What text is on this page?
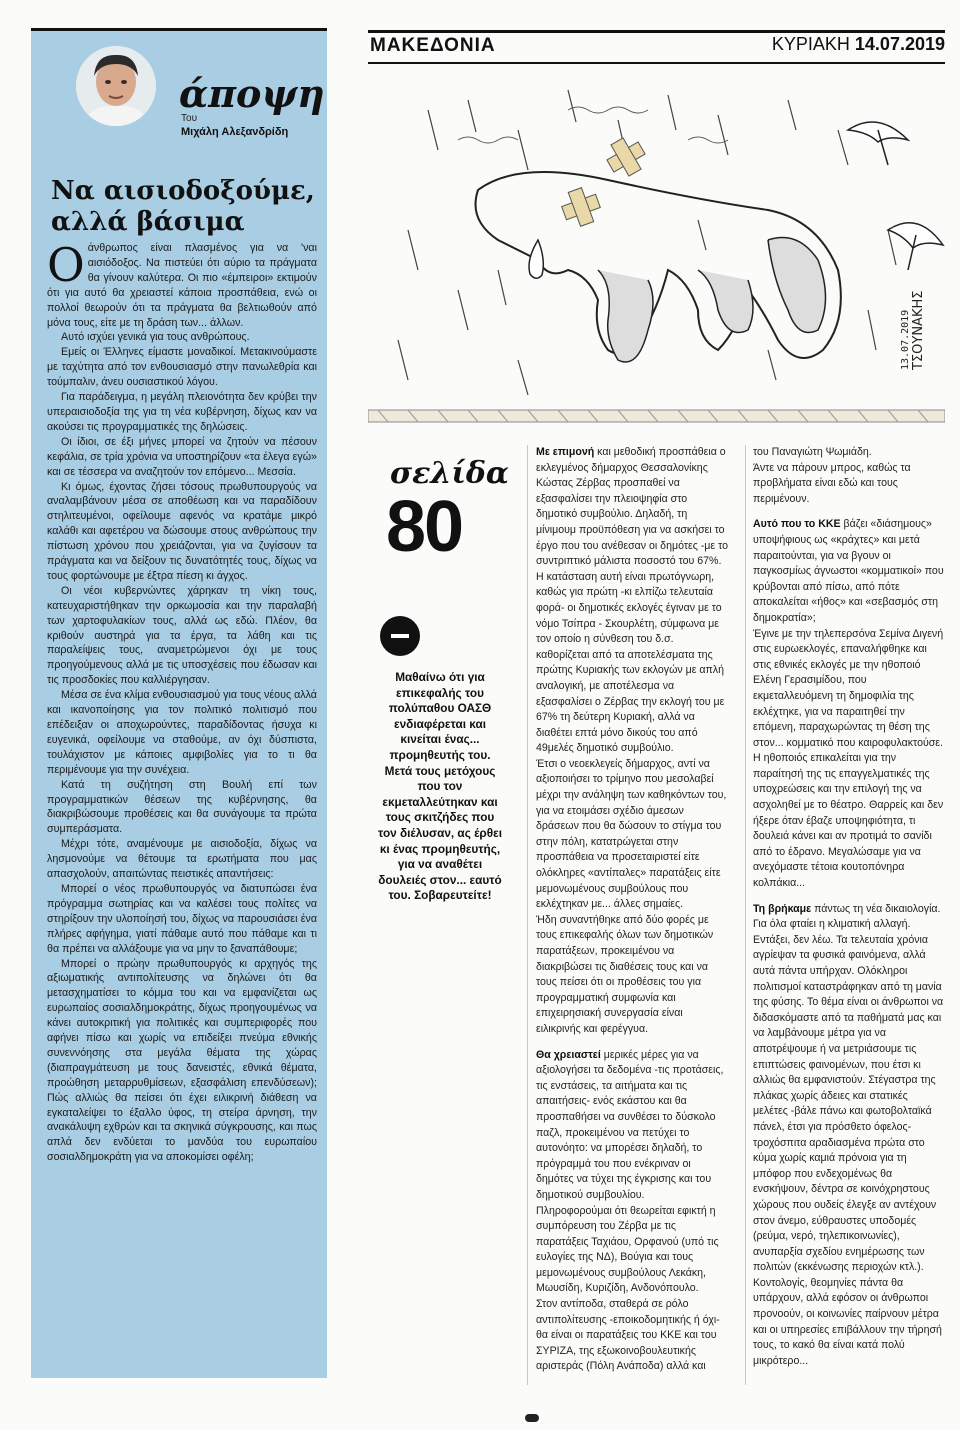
άποψη
Του
Μιχάλη Αλεξανδρίδη
Να αισιοδοξούμε,
αλλά βάσιμα

Οάνθρωπος είναι πλασμένος για να 'ναι αισιόδοξος. Να πιστεύει ότι αύριο τα πράγματα θα γίνουν καλύτερα. Οι πιο «έμπειροι» εκτιμούν ότι για αυτό θα χρειαστεί κάποια προσπάθεια, ενώ οι πολλοί θεωρούν ότι τα πράγματα θα βελτιωθούν από μόνα τους, είτε με τη δράση των... άλλων.

Αυτό ισχύει γενικά για τους ανθρώπους.

Εμείς οι Έλληνες είμαστε μοναδικοί. Μετακινούμαστε με ταχύτητα από τον ενθουσιασμό στην πανωλεθρία και τούμπαλιν, άνευ ουσιαστικού λόγου.

Για παράδειγμα, η μεγάλη πλειονότητα δεν κρύβει την υπεραισιοδοξία της για τη νέα κυβέρνηση, δίχως καν να ακούσει τις προγραμματικές της δηλώσεις.

Οι ίδιοι, σε έξι μήνες μπορεί να ζητούν να πέσουν κεφάλια, σε τρία χρόνια να υποστηρίζουν «τα έλεγα εγώ» και σε τέσσερα να αναζητούν τον επόμενο... Μεσσία.

Κι όμως, έχοντας ζήσει τόσους πρωθυπουργούς να αναλαμβάνουν μέσα σε αποθέωση και να παραδίδουν στηλιτευμένοι, οφείλουμε αφενός να κρατάμε μικρό καλάθι και αφετέρου να δώσουμε στους ανθρώπους την πίστωση χρόνου που χρειάζονται, για να ζυγίσουν τα πράγματα και να δείξουν τις δυνατότητές τους, δίχως να τους φορτώνουμε με έξτρα πίεση κι άγχος.

Οι νέοι κυβερνώντες χάρηκαν τη νίκη τους, κατευχαριστήθηκαν την ορκωμοσία και την παραλαβή των χαρτοφυλακίων τους, αλλά ως εδώ. Πλέον, θα κριθούν αυστηρά για τα έργα, τα λάθη και τις παραλείψεις τους, αναμετρώμενοι όχι με τους προηγούμενους αλλά με τις υποσχέσεις που έδωσαν και τις προσδοκίες που καλλιέργησαν.

Μέσα σε ένα κλίμα ενθουσιασμού για τους νέους αλλά και ικανοποίησης για τον πολιτικό πολιτισμό που επέδειξαν οι αποχωρούντες, παραδίδοντας ήσυχα κι ευγενικά, οφείλουμε να σταθούμε, αν όχι δύσπιστα, τουλάχιστον με κάποιες αμφιβολίες για το τι θα περιμένουμε για την συνέχεια.

Κατά τη συζήτηση στη Βουλή επί των προγραμματικών θέσεων της κυβέρνησης, θα διακριβώσουμε προθέσεις και θα συνάγουμε τα πρώτα συμπεράσματα.

Μέχρι τότε, αναμένουμε με αισιοδοξία, δίχως να λησμονούμε να θέτουμε τα ερωτήματα που μας απασχολούν, απαιτώντας πειστικές απαντήσεις:

Μπορεί ο νέος πρωθυπουργός να διατυπώσει ένα πρόγραμμα σωτηρίας και να καλέσει τους πολίτες να στηρίξουν την υλοποίησή του, δίχως να παρουσιάσει ένα πλήρες αφήγημα, γιατί πάθαμε αυτό που πάθαμε και τι θα πρέπει να αλλάξουμε για να μην το ξαναπάθουμε;

Μπορεί ο πρώην πρωθυπουργός κι αρχηγός της αξιωματικής αντιπολίτευσης να δηλώνει ότι θα μετασχηματίσει το κόμμα του και να εμφανίζεται ως ευρωπαίος σοσιαλδημοκράτης, δίχως προηγουμένως να κάνει αυτοκριτική για πολιτικές και συμπεριφορές που αφήνει πίσω και χωρίς να επιδείξει πνεύμα εθνικής συνεννόησης στα μεγάλα θέματα της χώρας (διαπραγμάτευση με τους δανειστές, εθνικά θέματα, προώθηση μεταρρυθμίσεων, εξασφάλιση επενδύσεων); Πώς αλλιώς θα πείσει ότι έχει ειλικρινή διάθεση να εγκαταλείψει το έξαλλο ύφος, τη στείρα άρνηση, την ανακάλυψη εχθρών και τα σκηνικά σύγκρουσης, και πως απλά δεν ενδύεται το μανδύα του ευρωπαίου σοσιαλδημοκράτη για να αποκομίσει οφέλη;

ΜΑΚΕΔΟΝΙΑ	ΚΥΡΙΑΚΗ 14.07.2019
13.07.2019 ΤΣΟΥΝΑΚΗΣ
σελίδα
80
Μαθαίνω ότι για επικεφαλής του πολύπαθου ΟΑΣΘ ενδιαφέρεται και κινείται ένας... προμηθευτής του. Μετά τους μετόχους που τον εκμεταλλεύτηκαν και τους σκιτζήδες που τον διέλυσαν, ας έρθει κι ένας προμηθευτής, για να αναθέτει δουλειές στον... εαυτό του. Σοβαρευτείτε!

Με επιμονή και μεθοδική προσπάθεια ο εκλεγμένος δήμαρχος Θεσσαλονίκης Κώστας Ζέρβας προσπαθεί να εξασφαλίσει την πλειοψηφία στο δημοτικό συμβούλιο. Δηλαδή, τη μίνιμουμ προϋπόθεση για να ασκήσει το έργο που του ανέθεσαν οι δημότες -με το συντριπτικό μάλιστα ποσοστό του 67%.

Η κατάσταση αυτή είναι πρωτόγνωρη, καθώς για πρώτη -κι ελπίζω τελευταία φορά- οι δημοτικές εκλογές έγιναν με το νόμο Τσίπρα - Σκουρλέτη, σύμφωνα με τον οποίο η σύνθεση του δ.σ. καθορίζεται από τα αποτελέσματα της πρώτης Κυριακής των εκλογών με απλή αναλογική, με αποτέλεσμα να εξασφαλίσει ο Ζέρβας την εκλογή του με 67% τη δεύτερη Κυριακή, αλλά να διαθέτει επτά μόνο δικούς του από 49μελές δημοτικό συμβούλιο.

Έτσι ο νεοεκλεγείς δήμαρχος, αντί να αξιοποιήσει το τρίμηνο που μεσολαβεί μέχρι την ανάληψη των καθηκόντων του, για να ετοιμάσει σχέδιο άμεσων δράσεων που θα δώσουν το στίγμα του στην πόλη, κατατρώγεται στην προσπάθεια να προσεταιριστεί είτε ολόκληρες «αντίπαλες» παρατάξεις είτε μεμονωμένους συμβούλους που εκλέχτηκαν με... άλλες σημαίες.

Ήδη συναντήθηκε από δύο φορές με τους επικεφαλής όλων των δημοτικών παρατάξεων, προκειμένου να διακριβώσει τις διαθέσεις τους και να τους πείσει ότι οι προθέσεις του για προγραμματική συμφωνία και επιχειρησιακή συνεργασία είναι ειλικρινής και φερέγγυα.

Θα χρειαστεί μερικές μέρες για να αξιολογήσει τα δεδομένα -τις προτάσεις, τις ενστάσεις, τα αιτήματα και τις απαιτήσεις- ενός εκάστου και θα προσπαθήσει να συνθέσει το δύσκολο παζλ, προκειμένου να πετύχει το αυτονόητο: να μπορέσει δηλαδή, το πρόγραμμά του που ενέκριναν οι δημότες να τύχει της έγκρισης και του δημοτικού συμβουλίου.

Πληροφορούμαι ότι θεωρείται εφικτή η συμπόρευση του Ζέρβα με τις παρατάξεις Ταχιάου, Ορφανού (υπό τις ευλογίες της ΝΔ), Βούγια και τους μεμονωμένους συμβούλους Λεκάκη, Μωυσίδη, Κυριζίδη, Ανδονόπουλο.

Στον αντίποδα, σταθερά σε ρόλο αντιπολίτευσης -εποικοδομητικής ή όχι- θα είναι οι παρατάξεις του ΚΚΕ και του ΣΥΡΙΖΑ, της εξωκοινοβουλευτικής αριστεράς (Πόλη Ανάποδα) αλλά και

του Παναγιώτη Ψωμιάδη.

Άντε να πάρουν μπρος, καθώς τα προβλήματα είναι εδώ και τους περιμένουν.

Αυτό που το ΚΚΕ βάζει «διάσημους» υποψήφιους ως «κράχτες» και μετά παραιτούνται, για να βγουν οι παγκοσμίως άγνωστοι «κομματικοί» που κρύβονται από πίσω, από πότε αποκαλείται «ήθος» και «σεβασμός στη δημοκρατία»;

Έγινε με την τηλεπερσόνα Σεμίνα Διγενή στις ευρωεκλογές, επαναλήφθηκε και στις εθνικές εκλογές με την ηθοποιό Ελένη Γερασιμίδου, που εκμεταλλευόμενη τη δημοφιλία της εκλέχτηκε, για να παραιτηθεί την επόμενη, παραχωρώντας τη θέση της στον... κομματικό που καιροφυλακτούσε.

Η ηθοποιός επικαλείται για την παραίτησή της τις επαγγελματικές της υποχρεώσεις και την επιλογή της να ασχοληθεί με το θέατρο. Θαρρείς και δεν ήξερε όταν έβαζε υποψηφιότητα, τι δουλειά κάνει και αν προτιμά το σανίδι από το έδρανο. Μεγαλώσαμε για να ανεχόμαστε τέτοια κουτοπόνηρα κολπάκια...

Τη βρήκαμε πάντως τη νέα δικαιολογία. Για όλα φταίει η κλιματική αλλαγή. Εντάξει, δεν λέω. Τα τελευταία χρόνια αγρίεψαν τα φυσικά φαινόμενα, αλλά αυτά πάντα υπήρχαν. Ολόκληροι πολιτισμοί καταστράφηκαν από τη μανία της φύσης. Το θέμα είναι οι άνθρωποι να διδασκόμαστε από τα παθήματά μας και να λαμβάνουμε μέτρα για να αποτρέψουμε ή να μετριάσουμε τις επιπτώσεις φαινομένων, που έτσι κι αλλιώς θα εμφανιστούν. Στέγαστρα της πλάκας χωρίς άδειες και στατικές μελέτες -βάλε πάνω και φωτοβολταϊκά πάνελ, έτσι για πρόσθετο όφελος- τροχόσπιτα αραδιασμένα πρώτα στο κύμα χωρίς καμιά πρόνοια για τη μπόφορ που ενδεχομένως θα ενσκήψουν, δέντρα σε κοινόχρηστους χώρους που ουδείς έλεγξε αν αντέχουν στον άνεμο, εύθραυστες υποδομές (ρεύμα, νερό, τηλεπικοινωνίες), ανυπαρξία σχεδίου ενημέρωσης των πολιτών (εκκένωσης περιοχών κτλ.). Κοντολογίς, θεομηνίες πάντα θα υπάρχουν, αλλά εφόσον οι άνθρωποι προνοούν, οι κοινωνίες παίρνουν μέτρα και οι υπηρεσίες επιβάλλουν την τήρησή τους, το κακό θα είναι κατά πολύ μικρότερο...
